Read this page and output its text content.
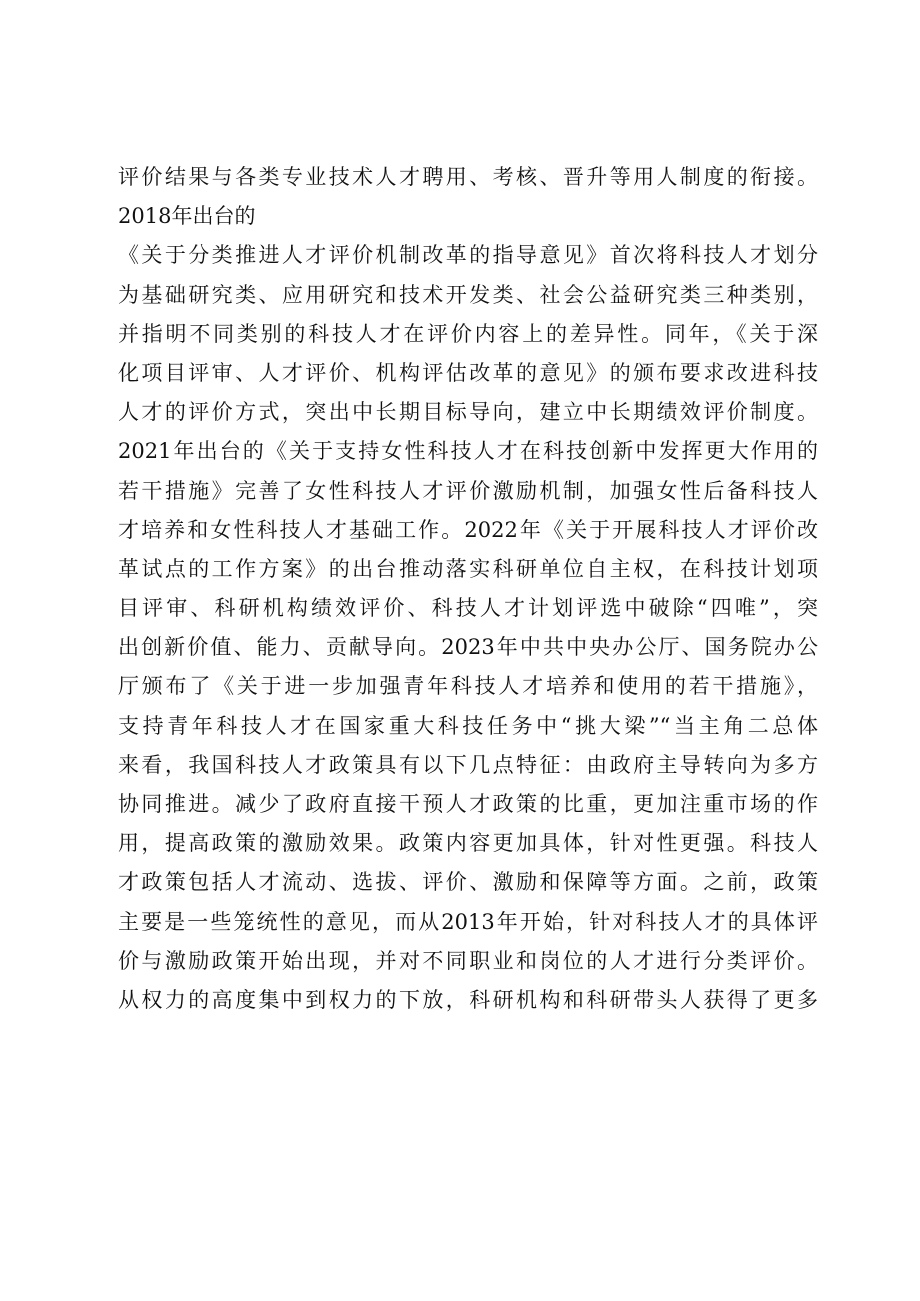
评价结果与各类专业技术人才聘用、考核、晋升等用人制度的衔接。
2018年出台的
《关于分类推进人才评价机制改革的指导意见》首次将科技人才划分
为基础研究类、应用研究和技术开发类、社会公益研究类三种类别，
并指明不同类别的科技人才在评价内容上的差异性。同年，《关于深
化项目评审、人才评价、机构评估改革的意见》的颁布要求改进科技
人才的评价方式，突出中长期目标导向，建立中长期绩效评价制度。
2021年出台的《关于支持女性科技人才在科技创新中发挥更大作用的
若干措施》完善了女性科技人才评价激励机制，加强女性后备科技人
才培养和女性科技人才基础工作。2022年《关于开展科技人才评价改
革试点的工作方案》的出台推动落实科研单位自主权，在科技计划项
目评审、科研机构绩效评价、科技人才计划评选中破除“四唯”，突
出创新价值、能力、贡献导向。2023年中共中央办公厅、国务院办公
厅颁布了《关于进一步加强青年科技人才培养和使用的若干措施》，
支持青年科技人才在国家重大科技任务中“挑大梁”“当主角二总体
来看，我国科技人才政策具有以下几点特征：由政府主导转向为多方
协同推进。减少了政府直接干预人才政策的比重，更加注重市场的作
用，提高政策的激励效果。政策内容更加具体，针对性更强。科技人
才政策包括人才流动、选拔、评价、激励和保障等方面。之前，政策
主要是一些笼统性的意见，而从2013年开始，针对科技人才的具体评
价与激励政策开始出现，并对不同职业和岗位的人才进行分类评价。
从权力的高度集中到权力的下放，科研机构和科研带头人获得了更多
